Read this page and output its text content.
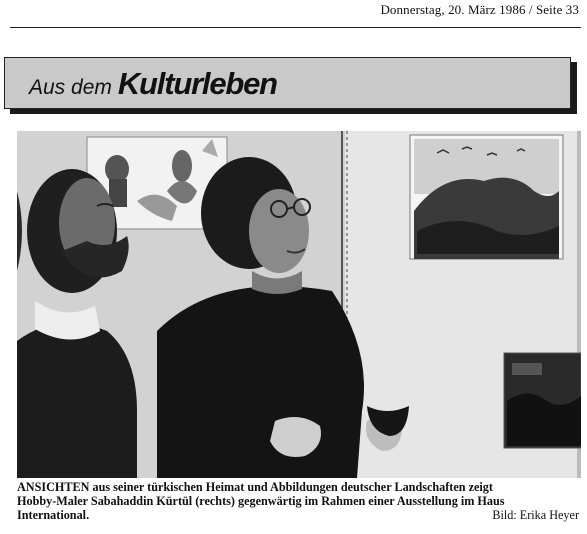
Donnerstag, 20. März 1986 / Seite 33
Aus dem Kulturleben
ANSICHTEN aus seiner türkischen Heimat und Abbildungen deutscher Landschaften zeigt
Hobby-Maler Sabahaddin Kürtül (rechts) gegenwärtig im Rahmen einer Ausstellung im Haus
International.	Bild: Erika Heyer
